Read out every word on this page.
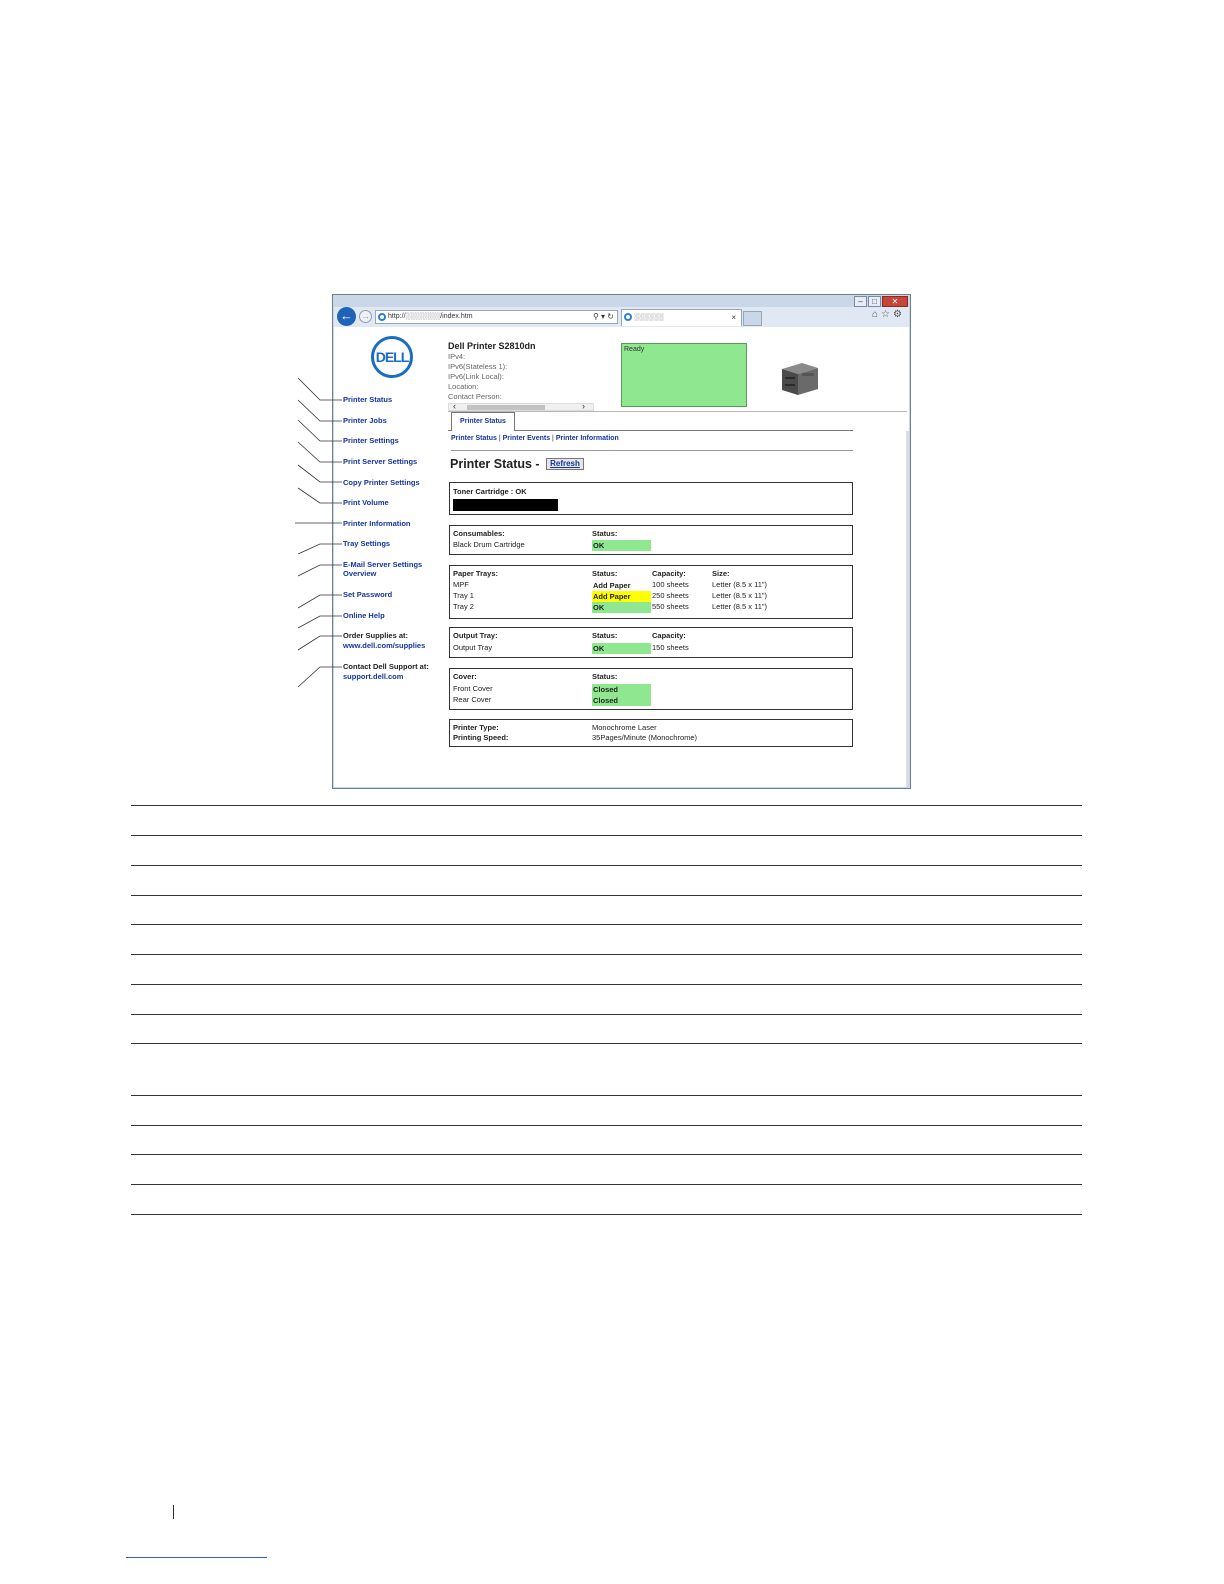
–	□	✕
← →	http://░░░░░░░/index.htm	⚲ ▾ ↻	░░░░░░	×	⌂☆⚙
DELL
Printer Status
Printer Jobs
Printer Settings
Print Server Settings
Copy Printer Settings
Print Volume
Printer Information
Tray Settings
E-Mail Server Settings
Overview
Set Password
Online Help
Order Supplies at:
www.dell.com/supplies
Contact Dell Support at:
support.dell.com
Dell Printer S2810dn
IPv4:
IPv6(Stateless 1):
IPv6(Link Local):
Location:
Contact Person:
‹	›
Ready
Printer Status
Printer Status | Printer Events | Printer Information
Printer Status - Refresh
Toner Cartridge : OK
Consumables:	Status:
Black Drum Cartridge	OK
Paper Trays:	Status:	Capacity:	Size:
MPF	Add Paper	100 sheets	Letter (8.5 x 11")
Tray 1	Add Paper	250 sheets	Letter (8.5 x 11")
Tray 2	OK	550 sheets	Letter (8.5 x 11")
Output Tray:	Status:	Capacity:
Output Tray	OK	150 sheets
Cover:	Status:
Front Cover	Closed
Rear Cover	Closed
Printer Type:	Monochrome Laser
Printing Speed:	35Pages/Minute (Monochrome)
